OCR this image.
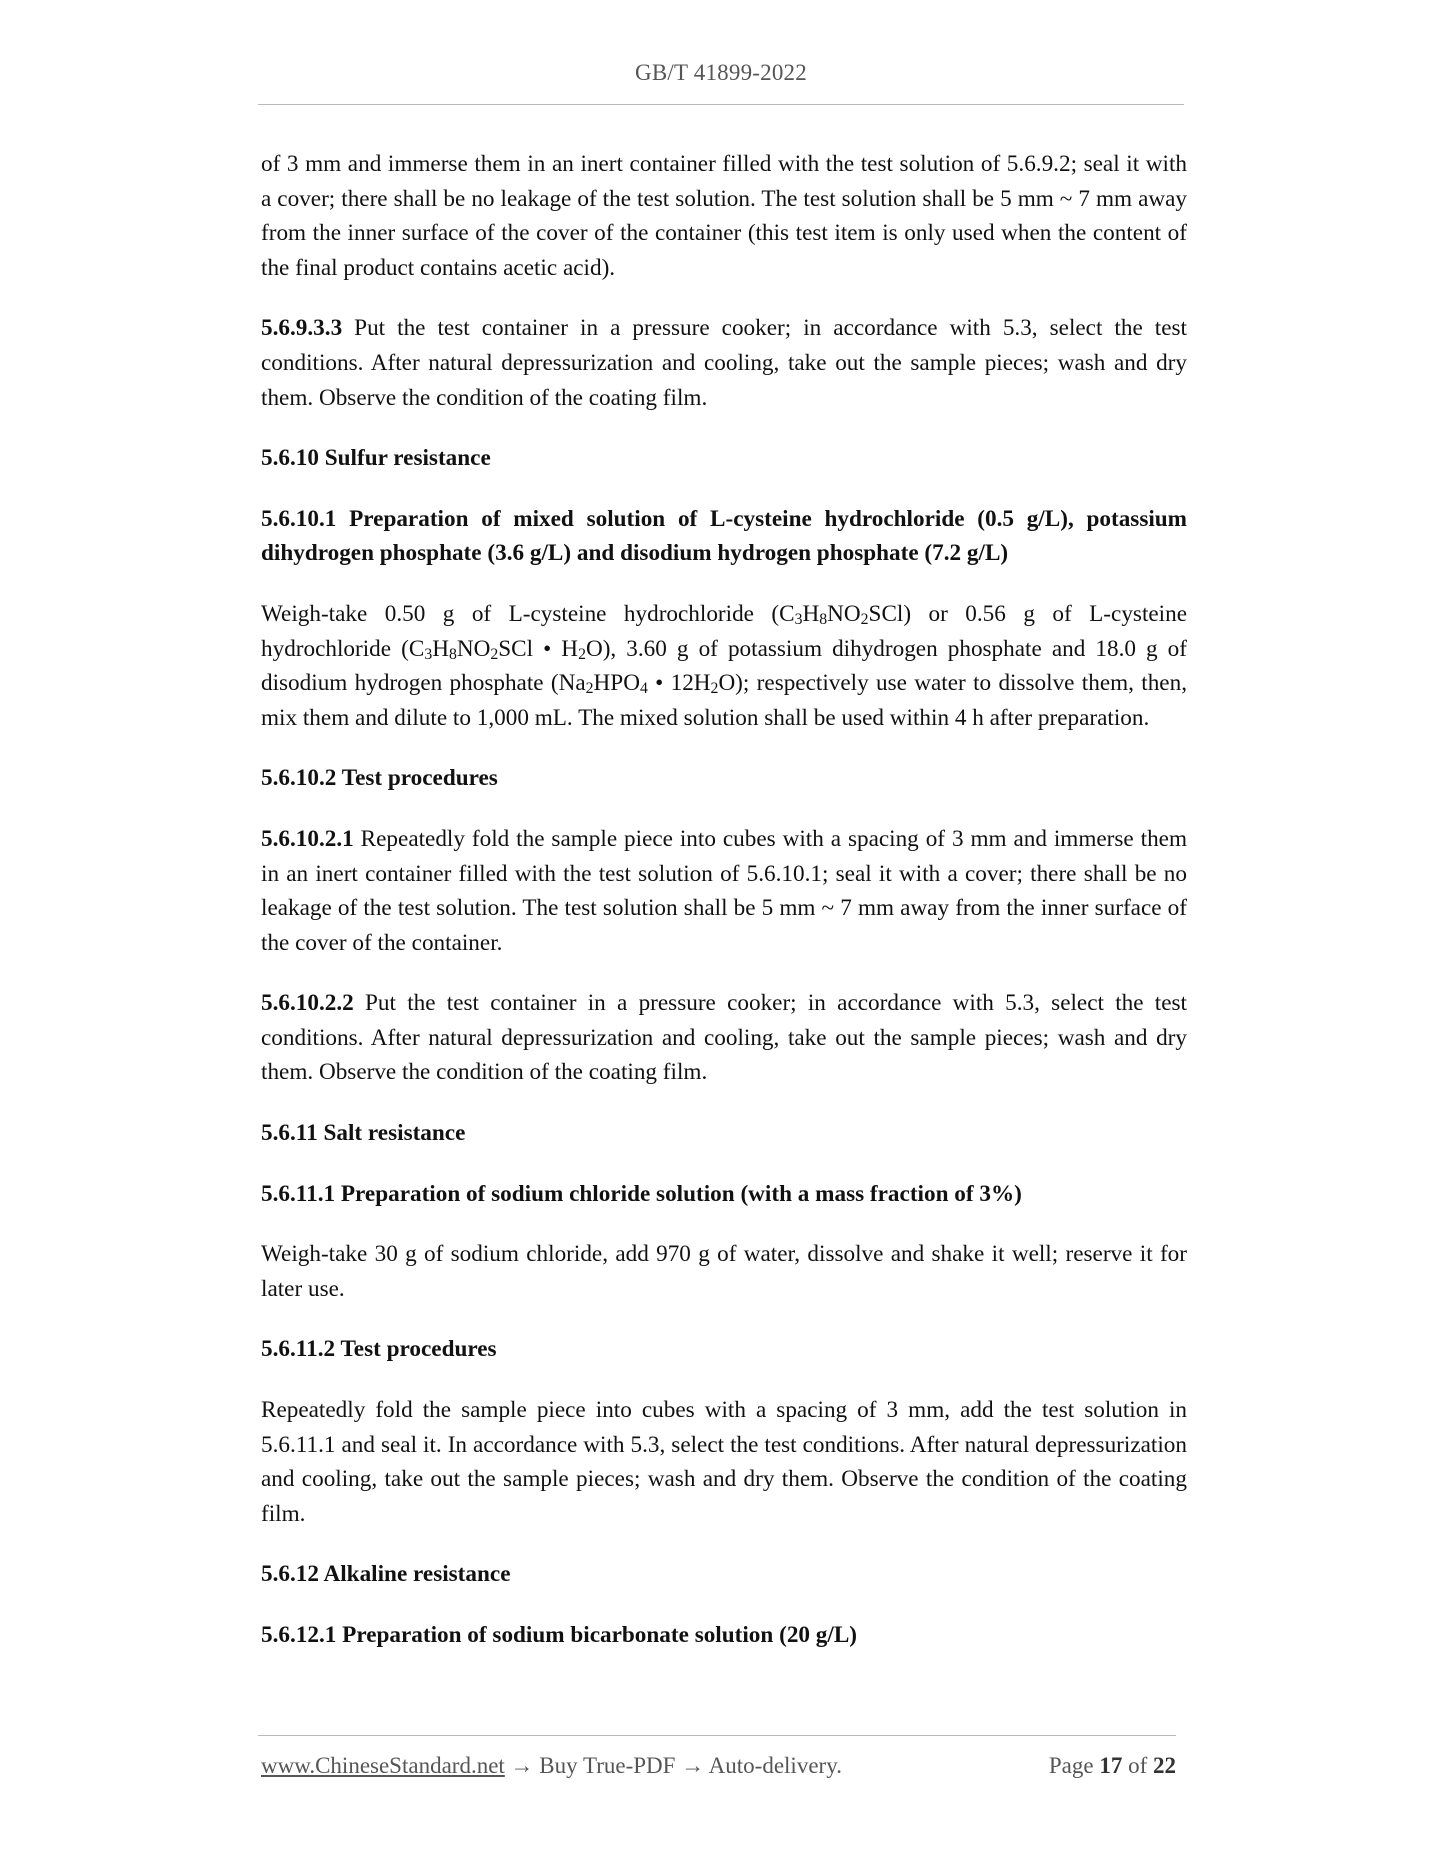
GB/T 41899-2022

of 3 mm and immerse them in an inert container filled with the test solution of 5.6.9.2; seal it with a cover; there shall be no leakage of the test solution. The test solution shall be 5 mm ~ 7 mm away from the inner surface of the cover of the container (this test item is only used when the content of the final product contains acetic acid).

5.6.9.3.3 Put the test container in a pressure cooker; in accordance with 5.3, select the test conditions. After natural depressurization and cooling, take out the sample pieces; wash and dry them. Observe the condition of the coating film.

5.6.10 Sulfur resistance

5.6.10.1 Preparation of mixed solution of L-cysteine hydrochloride (0.5 g/L), potassium dihydrogen phosphate (3.6 g/L) and disodium hydrogen phosphate (7.2 g/L)

Weigh-take 0.50 g of L-cysteine hydrochloride $(C_3H_8NO_2SCl)$ or 0.56 g of L-cysteine hydrochloride ($C_3H_8NO_2SCl$ • $H_2O$), 3.60 g of potassium dihydrogen phosphate and 18.0 g of disodium hydrogen phosphate ($Na_2HPO_4$ • $12H_2O$); respectively use water to dissolve them, then, mix them and dilute to 1,000 mL. The mixed solution shall be used within 4 h after preparation.

5.6.10.2 Test procedures

5.6.10.2.1 Repeatedly fold the sample piece into cubes with a spacing of 3 mm and immerse them in an inert container filled with the test solution of 5.6.10.1; seal it with a cover; there shall be no leakage of the test solution. The test solution shall be 5 mm ~ 7 mm away from the inner surface of the cover of the container.

5.6.10.2.2 Put the test container in a pressure cooker; in accordance with 5.3, select the test conditions. After natural depressurization and cooling, take out the sample pieces; wash and dry them. Observe the condition of the coating film.

5.6.11 Salt resistance

5.6.11.1 Preparation of sodium chloride solution (with a mass fraction of 3%)

Weigh-take 30 g of sodium chloride, add 970 g of water, dissolve and shake it well; reserve it for later use.

5.6.11.2 Test procedures

Repeatedly fold the sample piece into cubes with a spacing of 3 mm, add the test solution in 5.6.11.1 and seal it. In accordance with 5.3, select the test conditions. After natural depressurization and cooling, take out the sample pieces; wash and dry them. Observe the condition of the coating film.

5.6.12 Alkaline resistance

5.6.12.1 Preparation of sodium bicarbonate solution (20 g/L)

www.ChineseStandard.net → Buy True-PDF → Auto-delivery.	Page 17 of 22
